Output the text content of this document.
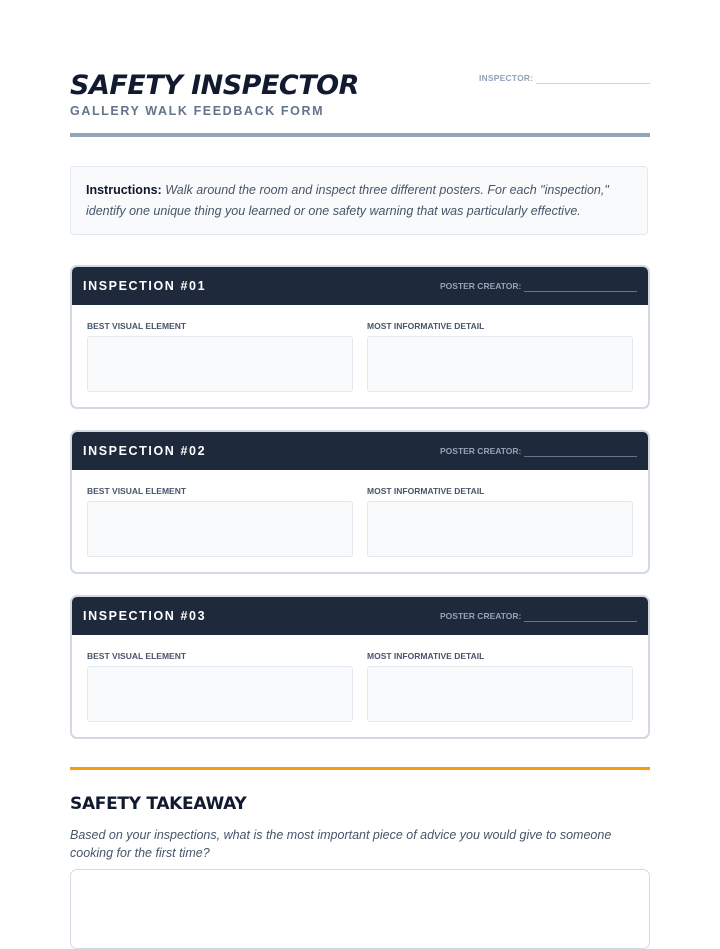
SAFETY INSPECTOR
GALLERY WALK FEEDBACK FORM
INSPECTOR:
Instructions: Walk around the room and inspect three different posters. For each "inspection," identify one unique thing you learned or one safety warning that was particularly effective.
INSPECTION #01	POSTER CREATOR:
BEST VISUAL ELEMENT	MOST INFORMATIVE DETAIL
INSPECTION #02	POSTER CREATOR:
BEST VISUAL ELEMENT	MOST INFORMATIVE DETAIL
INSPECTION #03	POSTER CREATOR:
BEST VISUAL ELEMENT	MOST INFORMATIVE DETAIL
SAFETY TAKEAWAY
Based on your inspections, what is the most important piece of advice you would give to someone cooking for the first time?
